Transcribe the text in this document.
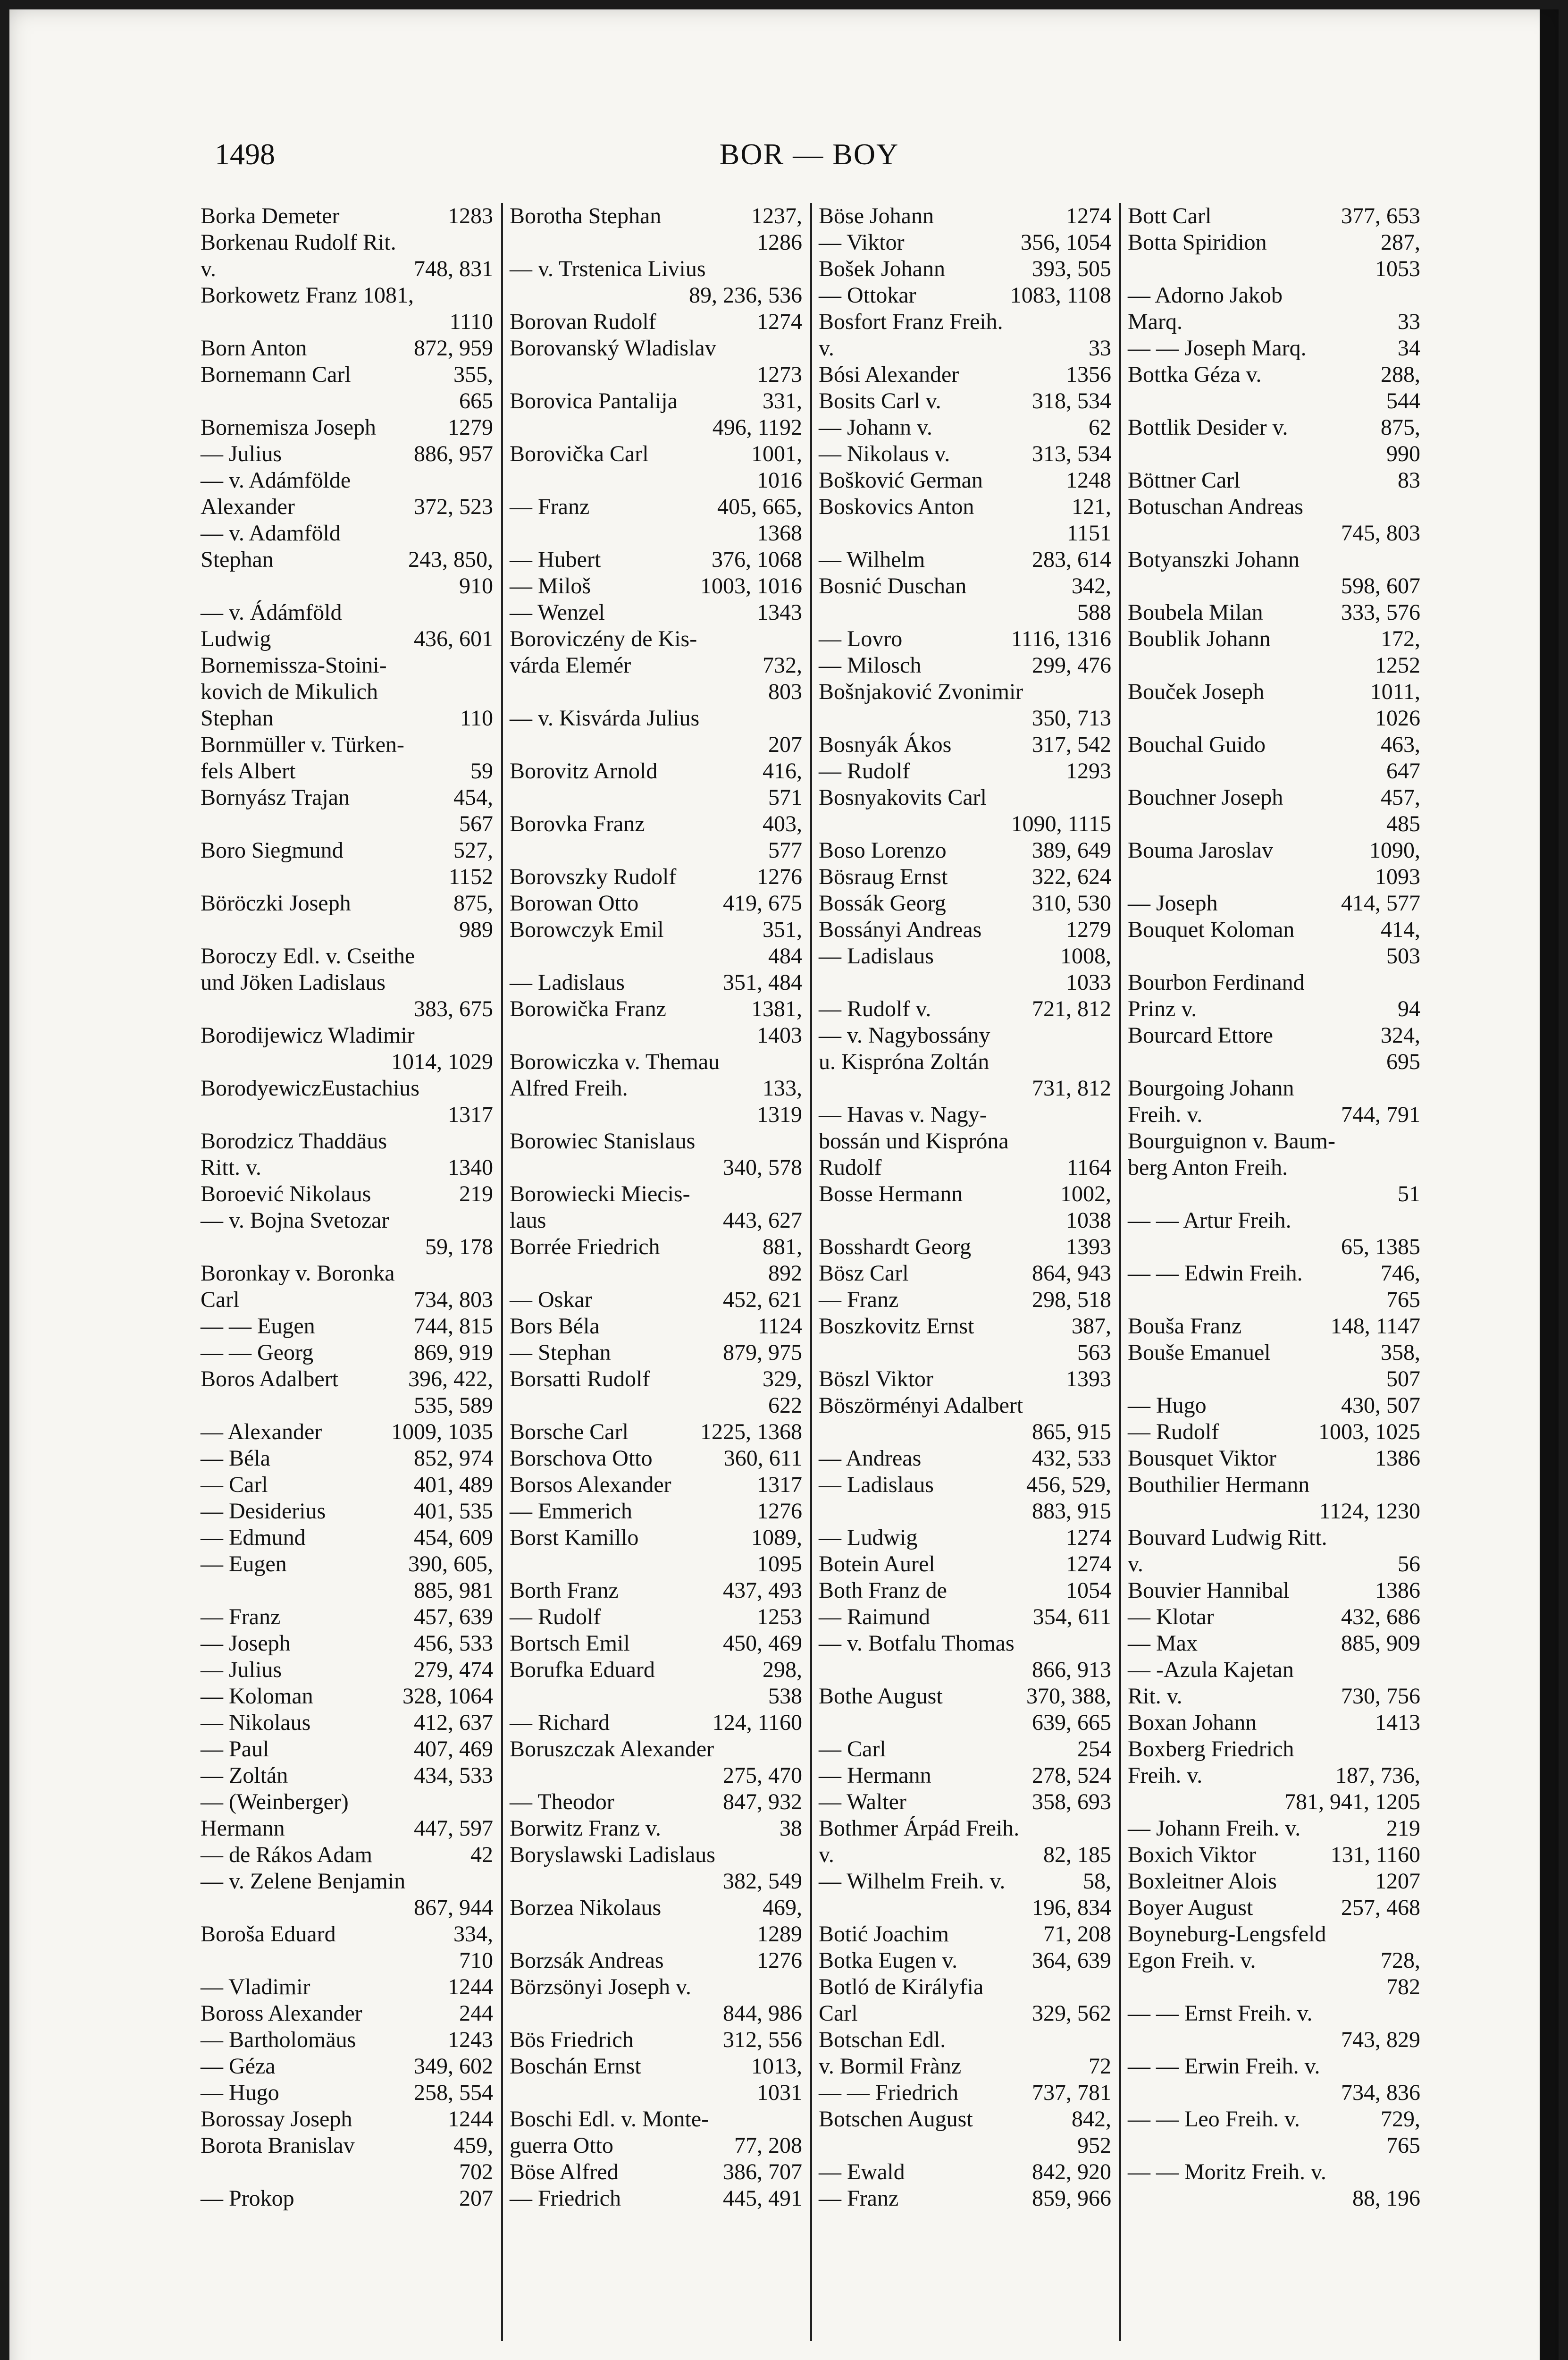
BOR — BOY
1498
Borka Demeter	1283
Borkenau Rudolf Rit.
v.	748, 831
Borkowetz Franz 1081,
1110
Born Anton	872, 959
Bornemann Carl	355,
665
Bornemisza Joseph	1279
— Julius	886, 957
— v. Adámfölde
Alexander	372, 523
— v. Adamföld
Stephan	243, 850,
910
— v. Ádámföld
Ludwig	436, 601
Bornemissza-Stoini-
kovich de Mikulich
Stephan	110
Bornmüller v. Türken-
fels Albert	59
Bornyász Trajan	454,
567
Boro Siegmund	527,
1152
Böröczki Joseph	875,
989
Boroczy Edl. v. Cseithe
und Jöken Ladislaus
383, 675
Borodijewicz Wladimir
1014, 1029
BorodyewiczEustachius
1317
Borodzicz Thaddäus
Ritt. v.	1340
Boroević Nikolaus	219
— v. Bojna Svetozar
59, 178
Boronkay v. Boronka
Carl	734, 803
— — Eugen	744, 815
— — Georg	869, 919
Boros Adalbert	396, 422,
535, 589
— Alexander	1009, 1035
— Béla	852, 974
— Carl	401, 489
— Desiderius	401, 535
— Edmund	454, 609
— Eugen	390, 605,
885, 981
— Franz	457, 639
— Joseph	456, 533
— Julius	279, 474
— Koloman	328, 1064
— Nikolaus	412, 637
— Paul	407, 469
— Zoltán	434, 533
— (Weinberger)
Hermann	447, 597
— de Rákos Adam	42
— v. Zelene Benjamin
867, 944
Boroša Eduard	334,
710
— Vladimir	1244
Boross Alexander	244
— Bartholomäus	1243
— Géza	349, 602
— Hugo	258, 554
Borossay Joseph	1244
Borota Branislav	459,
702
— Prokop	207
Borotha Stephan	1237,
1286
— v. Trstenica Livius
89, 236, 536
Borovan Rudolf	1274
Borovanský Wladislav
1273
Borovica Pantalija	331,
496, 1192
Borovička Carl	1001,
1016
— Franz	405, 665,
1368
— Hubert	376, 1068
— Miloš	1003, 1016
— Wenzel	1343
Boroviczény de Kis-
várda Elemér	732,
803
— v. Kisvárda Julius
207
Borovitz Arnold	416,
571
Borovka Franz	403,
577
Borovszky Rudolf	1276
Borowan Otto	419, 675
Borowczyk Emil	351,
484
— Ladislaus	351, 484
Borowička Franz	1381,
1403
Borowiczka v. Themau
Alfred Freih.	133,
1319
Borowiec Stanislaus
340, 578
Borowiecki Miecis-
laus	443, 627
Borrée Friedrich	881,
892
— Oskar	452, 621
Bors Béla	1124
— Stephan	879, 975
Borsatti Rudolf	329,
622
Borsche Carl	1225, 1368
Borschova Otto	360, 611
Borsos Alexander	1317
— Emmerich	1276
Borst Kamillo	1089,
1095
Borth Franz	437, 493
— Rudolf	1253
Bortsch Emil	450, 469
Borufka Eduard	298,
538
— Richard	124, 1160
Boruszczak Alexander
275, 470
— Theodor	847, 932
Borwitz Franz v.	38
Boryslawski Ladislaus
382, 549
Borzea Nikolaus	469,
1289
Borzsák Andreas	1276
Börzsönyi Joseph v.
844, 986
Bös Friedrich	312, 556
Boschán Ernst	1013,
1031
Boschi Edl. v. Monte-
guerra Otto	77, 208
Böse Alfred	386, 707
— Friedrich	445, 491
Böse Johann	1274
— Viktor	356, 1054
Bošek Johann	393, 505
— Ottokar	1083, 1108
Bosfort Franz Freih.
v.	33
Bósi Alexander	1356
Bosits Carl v.	318, 534
— Johann v.	62
— Nikolaus v.	313, 534
Bošković German	1248
Boskovics Anton	121,
1151
— Wilhelm	283, 614
Bosnić Duschan	342,
588
— Lovro	1116, 1316
— Milosch	299, 476
Bošnjaković Zvonimir
350, 713
Bosnyák Ákos	317, 542
— Rudolf	1293
Bosnyakovits Carl
1090, 1115
Boso Lorenzo	389, 649
Bösraug Ernst	322, 624
Bossák Georg	310, 530
Bossányi Andreas	1279
— Ladislaus	1008,
1033
— Rudolf v.	721, 812
— v. Nagybossány
u. Kispróna Zoltán
731, 812
— Havas v. Nagy-
bossán und Kispróna
Rudolf	1164
Bosse Hermann	1002,
1038
Bosshardt Georg	1393
Bösz Carl	864, 943
— Franz	298, 518
Boszkovitz Ernst	387,
563
Böszl Viktor	1393
Böszörményi Adalbert
865, 915
— Andreas	432, 533
— Ladislaus	456, 529,
883, 915
— Ludwig	1274
Botein Aurel	1274
Both Franz de	1054
— Raimund	354, 611
— v. Botfalu Thomas
866, 913
Bothe August	370, 388,
639, 665
— Carl	254
— Hermann	278, 524
— Walter	358, 693
Bothmer Árpád Freih.
v.	82, 185
— Wilhelm Freih. v.	58,
196, 834
Botić Joachim	71, 208
Botka Eugen v.	364, 639
Botló de Királyfia
Carl	329, 562
Botschan Edl.
v. Bormil Frànz	72
— — Friedrich	737, 781
Botschen August	842,
952
— Ewald	842, 920
— Franz	859, 966
Bott Carl	377, 653
Botta Spiridion	287,
1053
— Adorno Jakob
Marq.	33
— — Joseph Marq.	34
Bottka Géza v.	288,
544
Bottlik Desider v.	875,
990
Böttner Carl	83
Botuschan Andreas
745, 803
Botyanszki Johann
598, 607
Boubela Milan	333, 576
Boublik Johann	172,
1252
Bouček Joseph	1011,
1026
Bouchal Guido	463,
647
Bouchner Joseph	457,
485
Bouma Jaroslav	1090,
1093
— Joseph	414, 577
Bouquet Koloman	414,
503
Bourbon Ferdinand
Prinz v.	94
Bourcard Ettore	324,
695
Bourgoing Johann
Freih. v.	744, 791
Bourguignon v. Baum-
berg Anton Freih.
51
— — Artur Freih.
65, 1385
— — Edwin Freih.	746,
765
Bouša Franz	148, 1147
Bouše Emanuel	358,
507
— Hugo	430, 507
— Rudolf	1003, 1025
Bousquet Viktor	1386
Bouthilier Hermann
1124, 1230
Bouvard Ludwig Ritt.
v.	56
Bouvier Hannibal	1386
— Klotar	432, 686
— Max	885, 909
— -Azula Kajetan
Rit. v.	730, 756
Boxan Johann	1413
Boxberg Friedrich
Freih. v.	187, 736,
781, 941, 1205
— Johann Freih. v.	219
Boxich Viktor	131, 1160
Boxleitner Alois	1207
Boyer August	257, 468
Boyneburg-Lengsfeld
Egon Freih. v.	728,
782
— — Ernst Freih. v.
743, 829
— — Erwin Freih. v.
734, 836
— — Leo Freih. v.	729,
765
— — Moritz Freih. v.
88, 196
